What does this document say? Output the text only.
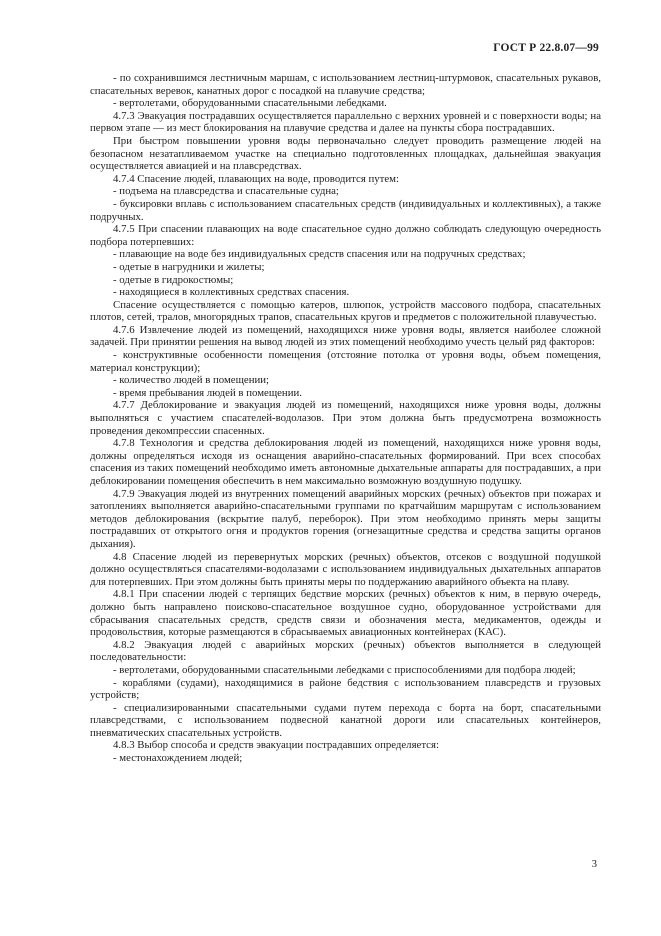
ГОСТ Р 22.8.07—99

- по сохранившимся лестничным маршам, с использованием лестниц-штурмовок, спасательных рукавов, спасательных веревок, канатных дорог с посадкой на плавучие средства;

- вертолетами, оборудованными спасательными лебедками.

4.7.3 Эвакуация пострадавших осуществляется параллельно с верхних уровней и с поверхности воды; на первом этапе — из мест блокирования на плавучие средства и далее на пункты сбора пострадавших.

При быстром повышении уровня воды первоначально следует проводить размещение людей на безопасном незатапливаемом участке на специально подготовленных площадках, дальнейшая эвакуация осуществляется авиацией и на плавсредствах.

4.7.4 Спасение людей, плавающих на воде, проводится путем:

- подъема на плавсредства и спасательные судна;

- буксировки вплавь с использованием спасательных средств (индивидуальных и коллективных), а также подручных.

4.7.5 При спасении плавающих на воде спасательное судно должно соблюдать следующую очередность подбора потерпевших:

- плавающие на воде без индивидуальных средств спасения или на подручных средствах;

- одетые в нагрудники и жилеты;

- одетые в гидрокостюмы;

- находящиеся в коллективных средствах спасения.

Спасение осуществляется с помощью катеров, шлюпок, устройств массового подбора, спасательных плотов, сетей, тралов, многорядных трапов, спасательных кругов и предметов с положительной плавучестью.

4.7.6 Извлечение людей из помещений, находящихся ниже уровня воды, является наиболее сложной задачей. При принятии решения на вывод людей из этих помещений необходимо учесть целый ряд факторов:

- конструктивные особенности помещения (отстояние потолка от уровня воды, объем помещения, материал конструкции);

- количество людей в помещении;

- время пребывания людей в помещении.

4.7.7 Деблокирование и эвакуация людей из помещений, находящихся ниже уровня воды, должны выполняться с участием спасателей-водолазов. При этом должна быть предусмотрена возможность проведения декомпрессии спасенных.

4.7.8 Технология и средства деблокирования людей из помещений, находящихся ниже уровня воды, должны определяться исходя из оснащения аварийно-спасательных формирований. При всех способах спасения из таких помещений необходимо иметь автономные дыхательные аппараты для пострадавших, а при деблокировании помещения обеспечить в нем максимально возможную воздушную подушку.

4.7.9 Эвакуация людей из внутренних помещений аварийных морских (речных) объектов при пожарах и затоплениях выполняется аварийно-спасательными группами по кратчайшим маршрутам с использованием методов деблокирования (вскрытие палуб, переборок). При этом необходимо принять меры защиты пострадавших от открытого огня и продуктов горения (огнезащитные средства и средства защиты органов дыхания).

4.8 Спасение людей из перевернутых морских (речных) объектов, отсеков с воздушной подушкой должно осуществляться спасателями-водолазами с использованием индивидуальных дыхательных аппаратов для потерпевших. При этом должны быть приняты меры по поддержанию аварийного объекта на плаву.

4.8.1 При спасении людей с терпящих бедствие морских (речных) объектов к ним, в первую очередь, должно быть направлено поисково-спасательное воздушное судно, оборудованное устройствами для сбрасывания спасательных средств, средств связи и обозначения места, медикаментов, одежды и продовольствия, которые размещаются в сбрасываемых авиационных контейнерах (КАС).

4.8.2 Эвакуация людей с аварийных морских (речных) объектов выполняется в следующей последовательности:

- вертолетами, оборудованными спасательными лебедками с приспособлениями для подбора людей;

- кораблями (судами), находящимися в районе бедствия с использованием плавсредств и грузовых устройств;

- специализированными спасательными судами путем перехода с борта на борт, спасательными плавсредствами, с использованием подвесной канатной дороги или спасательных контейнеров, пневматических спасательных устройств.

4.8.3 Выбор способа и средств эвакуации пострадавших определяется:

- местонахождением людей;

3
